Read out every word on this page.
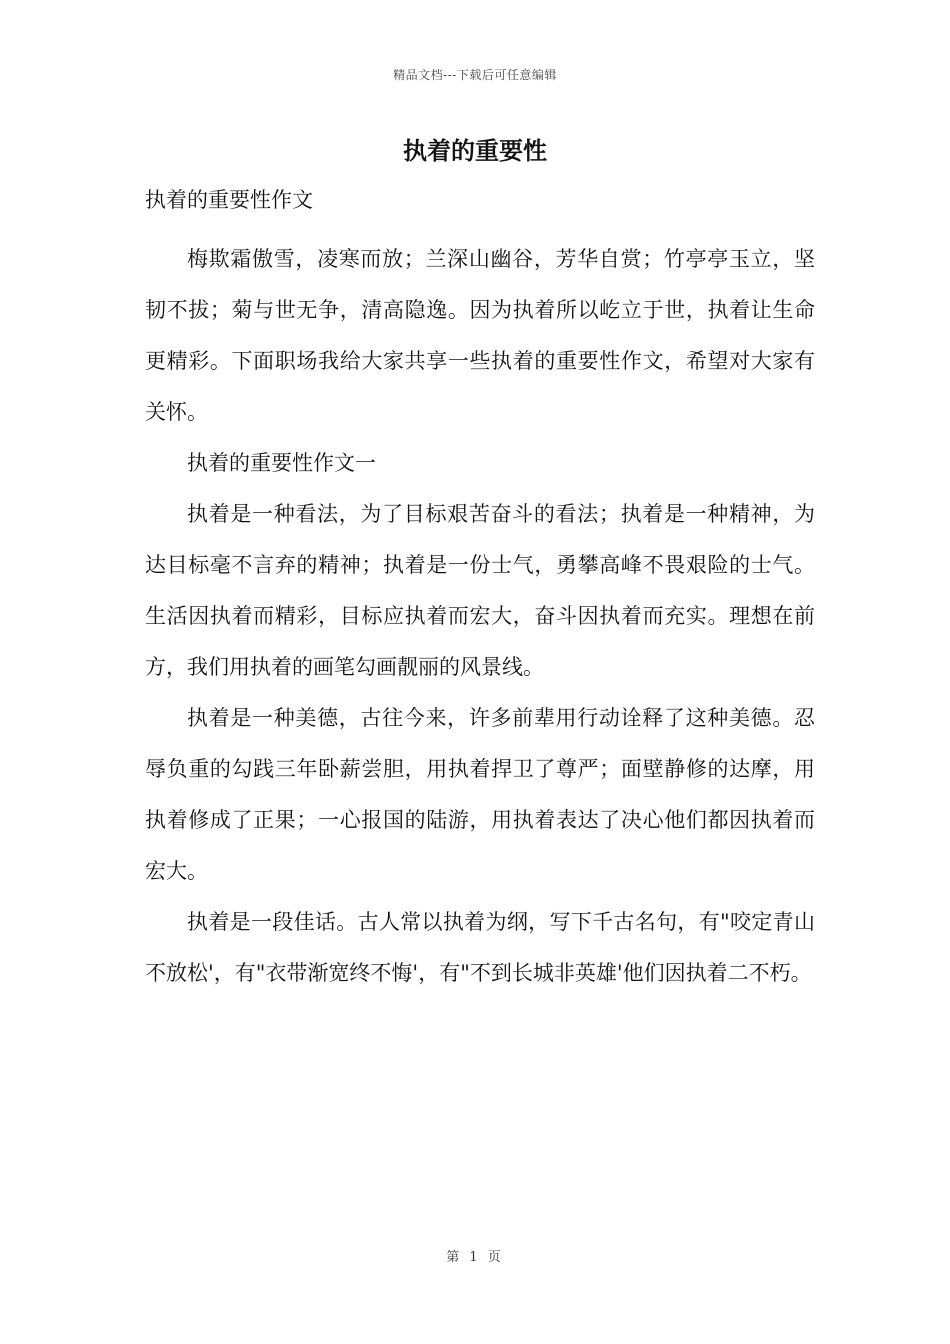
精品文档---下载后可任意编辑
执着的重要性
执着的重要性作文

梅欺霜傲雪，凌寒而放；兰深山幽谷，芳华自赏；竹亭亭玉立，坚韧不拔；菊与世无争，清高隐逸。因为执着所以屹立于世，执着让生命更精彩。下面职场我给大家共享一些执着的重要性作文，希望对大家有关怀。

执着的重要性作文一

执着是一种看法，为了目标艰苦奋斗的看法；执着是一种精神，为达目标毫不言弃的精神；执着是一份士气，勇攀高峰不畏艰险的士气。生活因执着而精彩，目标应执着而宏大，奋斗因执着而充实。理想在前方，我们用执着的画笔勾画靓丽的风景线。

执着是一种美德，古往今来，许多前辈用行动诠释了这种美德。忍辱负重的勾践三年卧薪尝胆，用执着捍卫了尊严；面壁静修的达摩，用执着修成了正果；一心报国的陆游，用执着表达了决心他们都因执着而宏大。

执着是一段佳话。古人常以执着为纲，写下千古名句，有"咬定青山不放松'，有"衣带渐宽终不悔'，有"不到长城非英雄'他们因执着二不朽。

第 1 页
